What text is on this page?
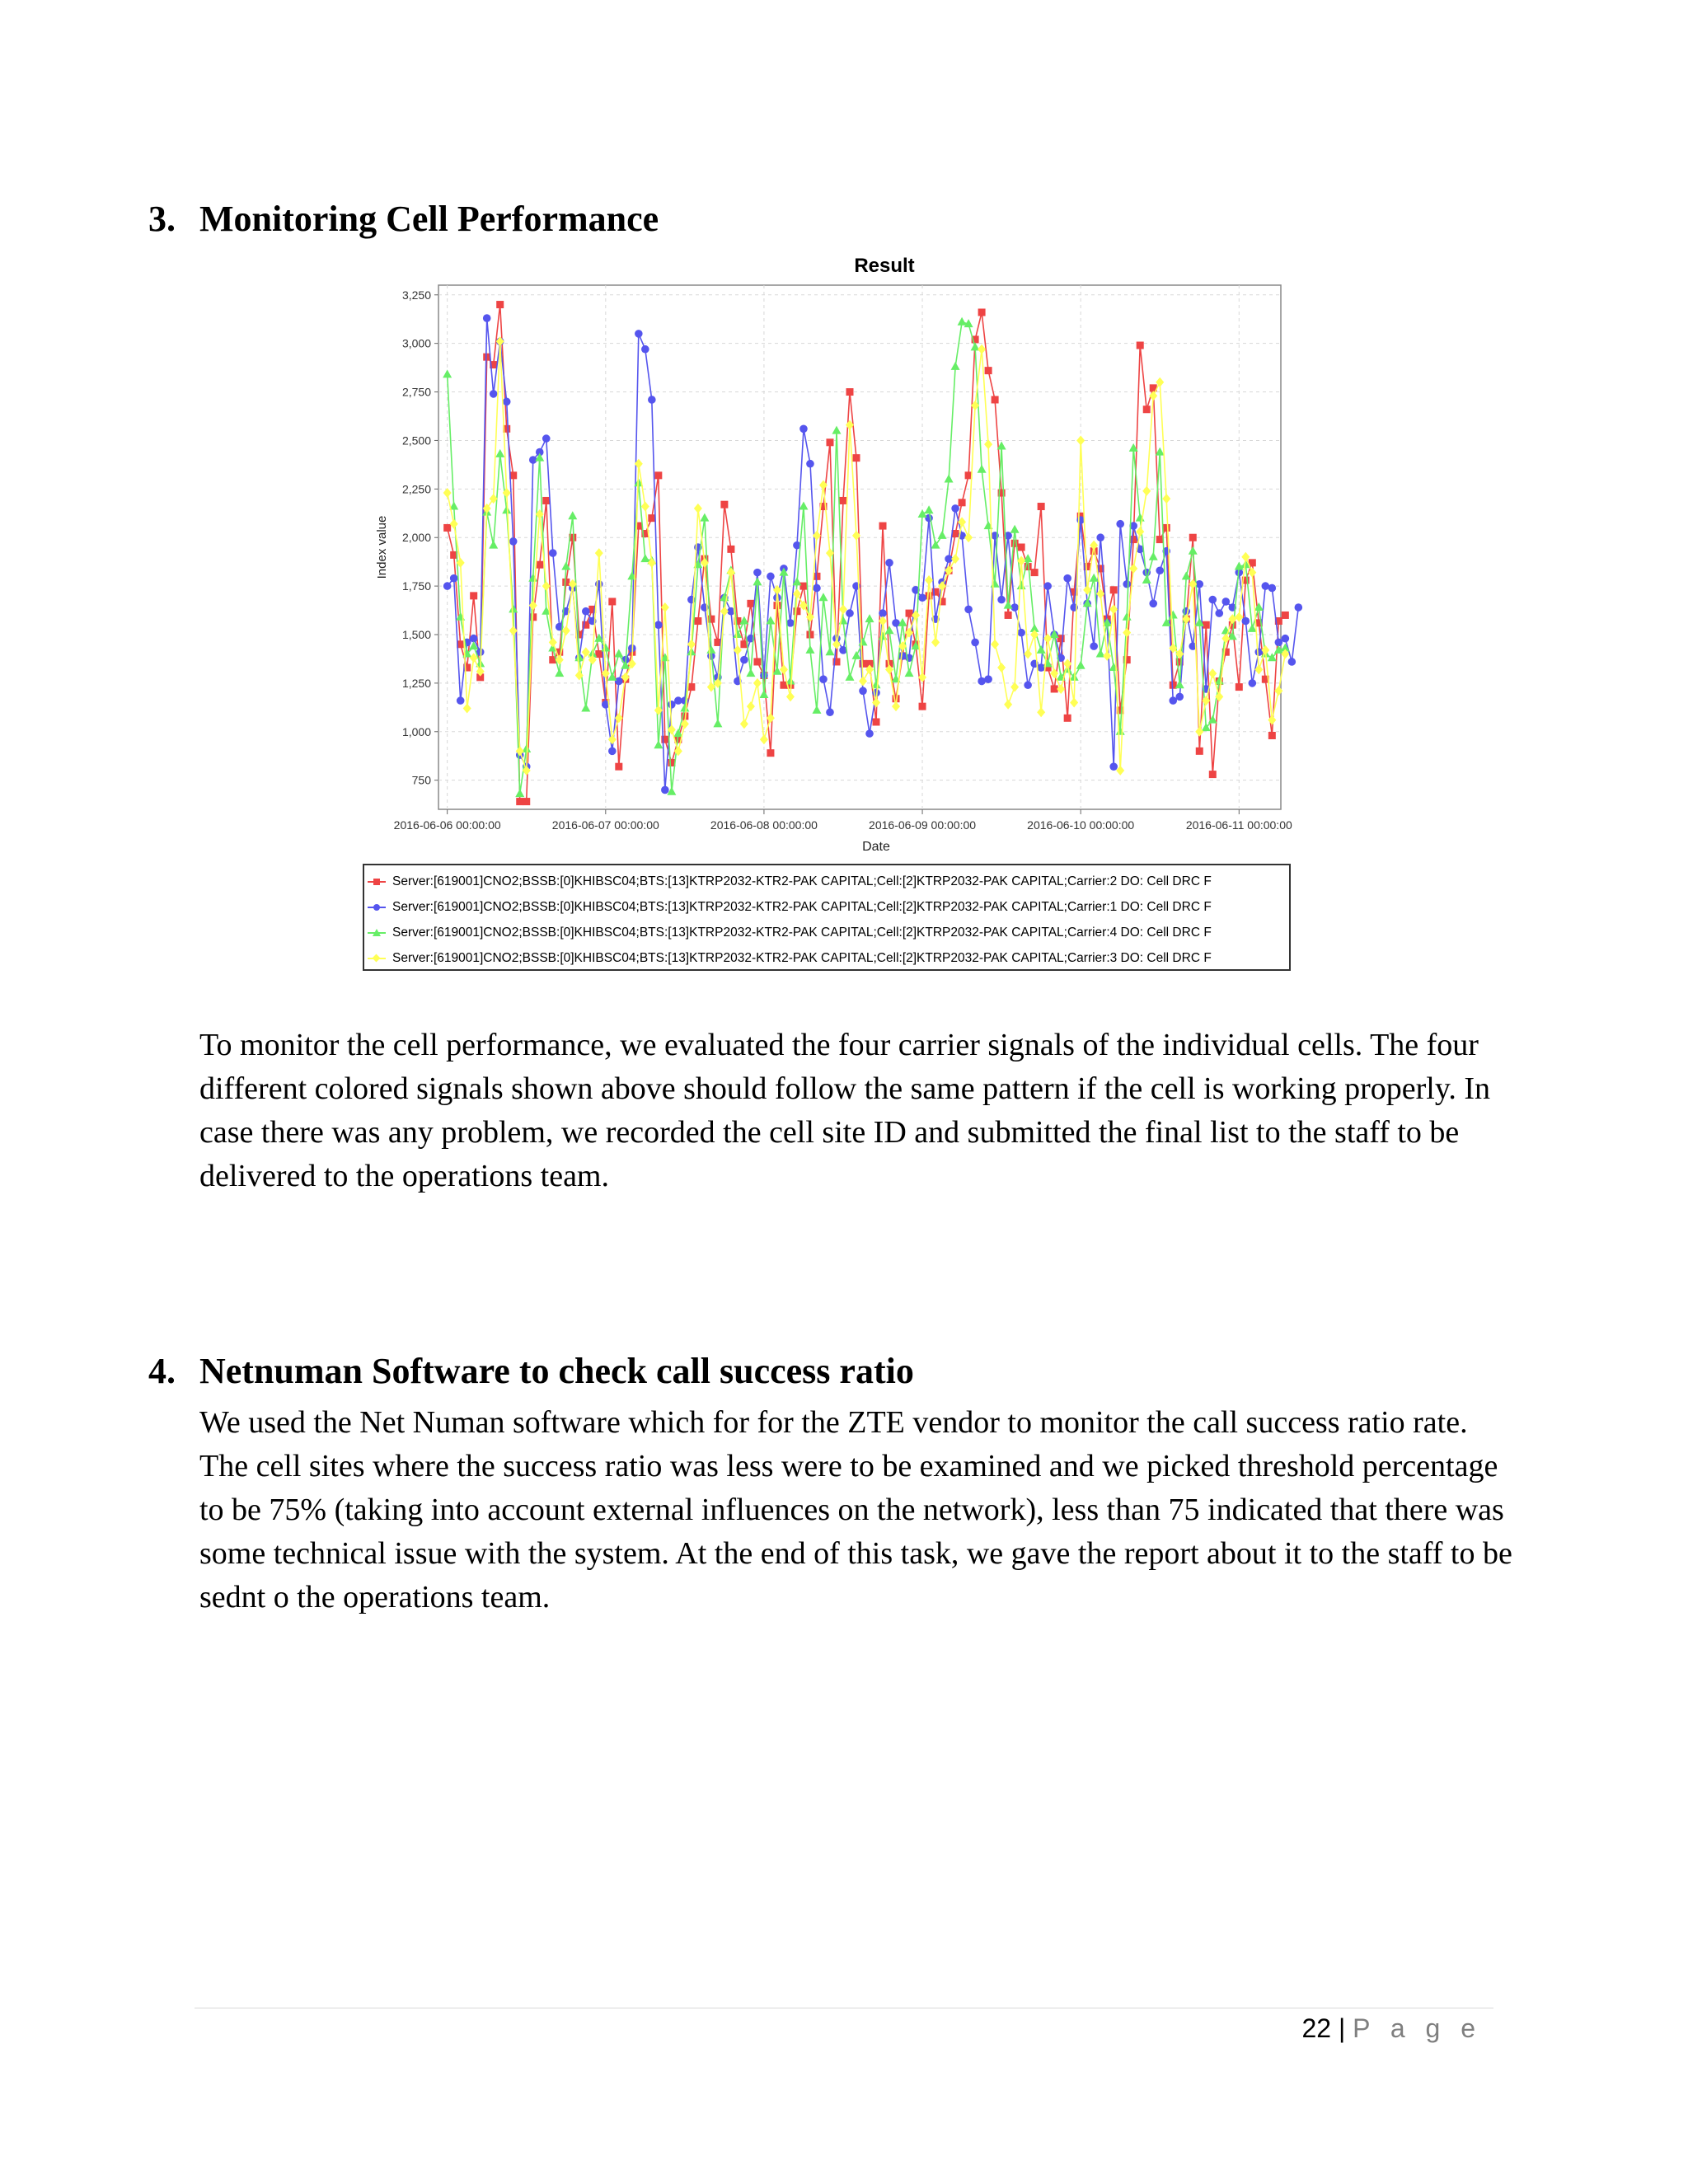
3. Monitoring Cell Performance
Result
750
1,000
1,250
1,500
1,750
2,000
2,250
2,500
2,750
3,000
3,250
2016-06-06 00:00:00	2016-06-07 00:00:00	2016-06-08 00:00:00	2016-06-09 00:00:00	2016-06-10 00:00:00	2016-06-11 00:00:00
Date
Index value
Server:[619001]CNO2;BSSB:[0]KHIBSC04;BTS:[13]KTRP2032-KTR2-PAK CAPITAL;Cell:[2]KTRP2032-PAK CAPITAL;Carrier:2 DO: Cell DRC F
Server:[619001]CNO2;BSSB:[0]KHIBSC04;BTS:[13]KTRP2032-KTR2-PAK CAPITAL;Cell:[2]KTRP2032-PAK CAPITAL;Carrier:1 DO: Cell DRC F
Server:[619001]CNO2;BSSB:[0]KHIBSC04;BTS:[13]KTRP2032-KTR2-PAK CAPITAL;Cell:[2]KTRP2032-PAK CAPITAL;Carrier:4 DO: Cell DRC F
Server:[619001]CNO2;BSSB:[0]KHIBSC04;BTS:[13]KTRP2032-KTR2-PAK CAPITAL;Cell:[2]KTRP2032-PAK CAPITAL;Carrier:3 DO: Cell DRC F

To monitor the cell performance, we evaluated the four carrier signals of the individual cells. The four different colored signals shown above should follow the same pattern if the cell is working properly. In case there was any problem, we recorded the cell site ID and submitted the final list to the staff to be delivered to the operations team.

4. Netnuman Software to check call success ratio

We used the Net Numan software which for for the ZTE vendor to monitor the call success ratio rate. The cell sites where the success ratio was less were to be examined and we picked threshold percentage to be 75% (taking into account external influences on the network), less than 75 indicated that there was some technical issue with the system. At the end of this task, we gave the report about it to the staff to be sednt o the operations team.

22 | P a g e
